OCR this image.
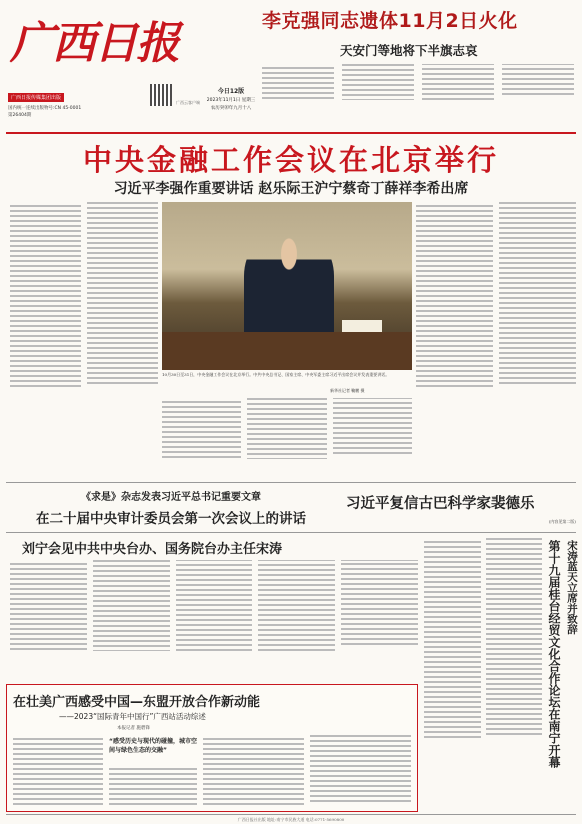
广西日报
广西日报传媒集团出版
国内统一连续出版物号:CN 45-0001
第26404期
广西云客户端
今日12版
2023年11月1日 星期三
农历癸卯年九月十八
李克强同志遗体11月2日火化
天安门等地将下半旗志哀
中央金融工作会议在北京举行
习近平李强作重要讲话 赵乐际王沪宁蔡奇丁薛祥李希出席
10月30日至31日，中央金融工作会议在北京举行。中共中央总书记、国家主席、中央军委主席习近平出席会议并发表重要讲话。
新华社记者 鞠鹏 摄
《求是》杂志发表习近平总书记重要文章
在二十届中央审计委员会第一次会议上的讲话
习近平复信古巴科学家裴德乐
(内容见第二版)
刘宁会见中共中央台办、国务院台办主任宋涛	第十九届桂台经贸文化合作论坛在南宁开幕 宋涛蓝天立席并致辞
在壮美广西感受中国—东盟开放合作新动能
——2023“国际青年中国行”广西站活动综述
本报记者 施碧锋
“感受历史与现代的碰撞，城市空间与绿色生态的交融”
广西日报社出版 地址:南宁市民族大道 电话:0771-5690800
